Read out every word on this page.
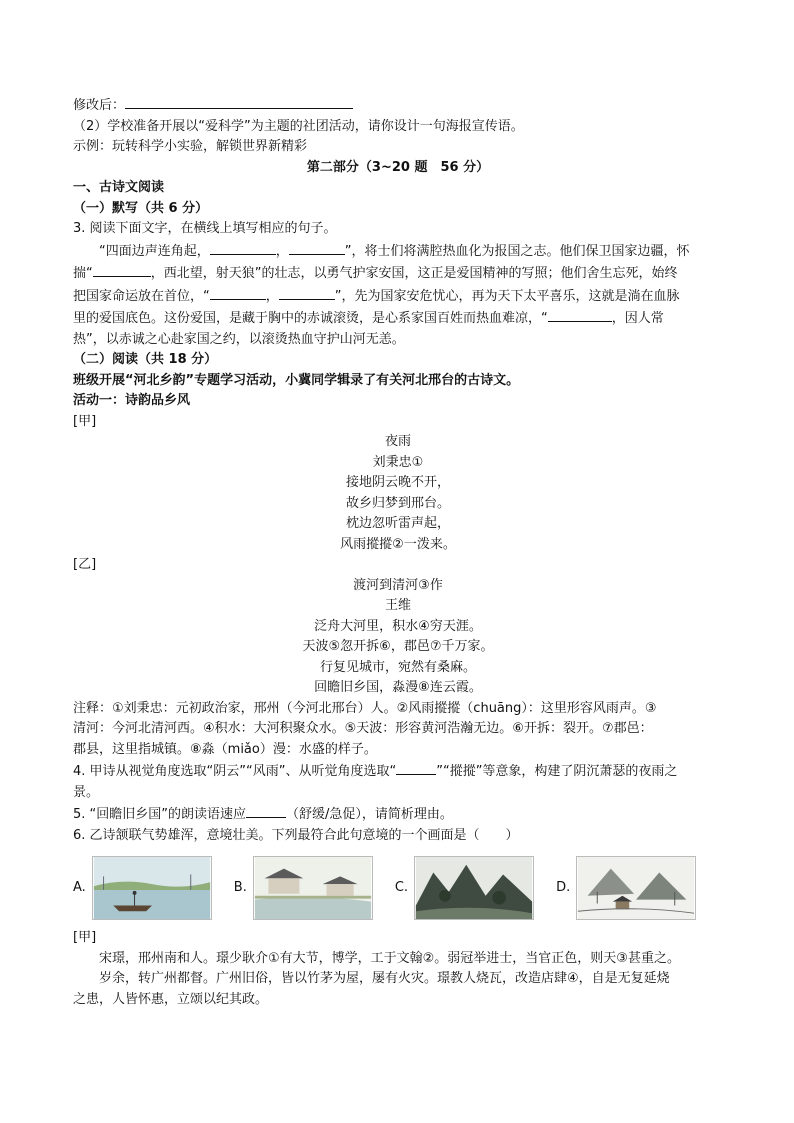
修改后：

（2）学校准备开展以“爱科学”为主题的社团活动，请你设计一句海报宣传语。

示例：玩转科学小实验，解锁世界新精彩

第二部分（3~20 题　56 分）

一、古诗文阅读

（一）默写（共 6 分）

3. 阅读下面文字，在横线上填写相应的句子。

“四面边声连角起，	，	”，将士们将满腔热血化为报国之志。他们保卫国家边疆，怀

揣“	，西北望，射天狼”的壮志，以勇气护家安国，这正是爱国精神的写照；他们舍生忘死，始终

把国家命运放在首位，“	，	”，先为国家安危忧心，再为天下太平喜乐，这就是淌在血脉

里的爱国底色。这份爱国，是藏于胸中的赤诚滚烫，是心系家国百姓而热血难凉，“	，因人常

热”，以赤诚之心赴家国之约，以滚烫热血守护山河无恙。

（二）阅读（共 18 分）

班级开展“河北乡韵”专题学习活动，小冀同学辑录了有关河北邢台的古诗文。

活动一：诗韵品乡风

[甲]

夜雨

刘秉忠①

接地阴云晚不开，

故乡归梦到邢台。

枕边忽听雷声起，

风雨摐摐②一泼来。

[乙]

渡河到清河③作

王维

泛舟大河里，积水④穷天涯。

天波⑤忽开拆⑥，郡邑⑦千万家。

行复见城市，宛然有桑麻。

回瞻旧乡国，淼漫⑧连云霞。

注释：①刘秉忠：元初政治家，邢州（今河北邢台）人。②风雨摐摐（chuāng）：这里形容风雨声。③

清河：今河北清河西。④积水：大河积聚众水。⑤天波：形容黄河浩瀚无边。⑥开拆：裂开。⑦郡邑：

郡县，这里指城镇。⑧淼（miǎo）漫：水盛的样子。

4. 甲诗从视觉角度选取“阴云”“风雨”、从听觉角度选取“	”“摐摐”等意象，构建了阴沉萧瑟的夜雨之

景。

5. “回瞻旧乡国”的朗读语速应	（舒缓/急促），请简析理由。

6. 乙诗颔联气势雄浑，意境壮美。下列最符合此句意境的一个画面是（　　）

A.	B.	C.	D.

[甲]

宋璟，邢州南和人。璟少耿介①有大节，博学，工于文翰②。弱冠举进士，当官正色，则天③甚重之。

岁余，转广州都督。广州旧俗，皆以竹茅为屋，屡有火灾。璟教人烧瓦，改造店肆④，自是无复延烧

之患，人皆怀惠，立颂以纪其政。
